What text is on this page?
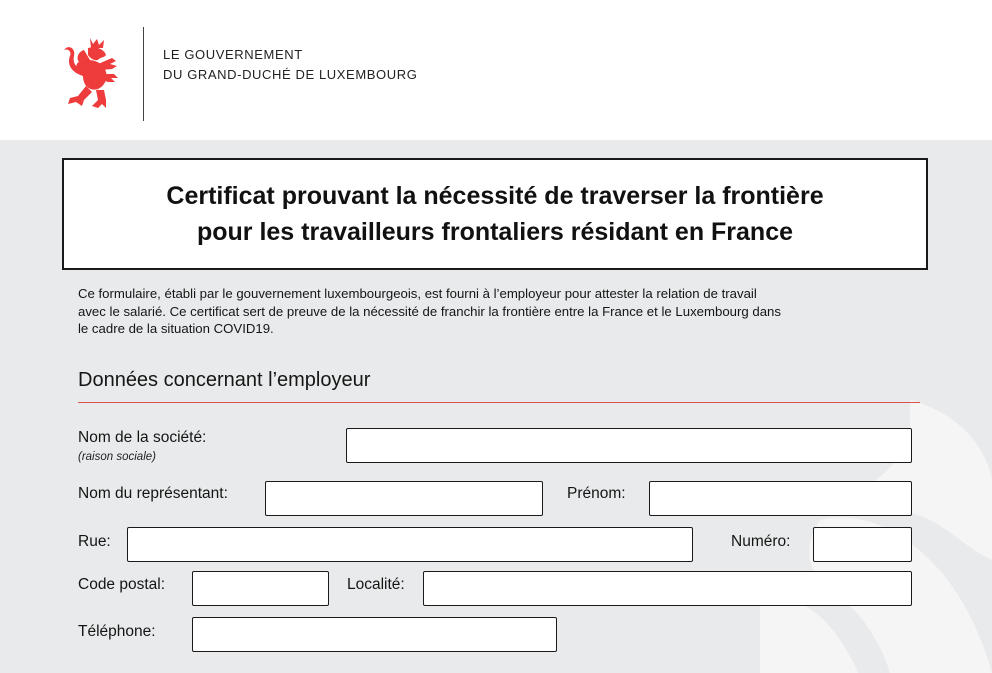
LE GOUVERNEMENT
DU GRAND-DUCHÉ DE LUXEMBOURG
Certificat prouvant la nécessité de traverser la frontière
pour les travailleurs frontaliers résidant en France
Ce formulaire, établi par le gouvernement luxembourgeois, est fourni à l’employeur pour attester la relation de travail
avec le salarié. Ce certificat sert de preuve de la nécessité de franchir la frontière entre la France et le Luxembourg dans
le cadre de la situation COVID19.
Données concernant l’employeur
Nom de la société:
(raison sociale)
Nom du représentant:	Prénom:
Rue:	Numéro:
Code postal:	Localité:
Téléphone:
